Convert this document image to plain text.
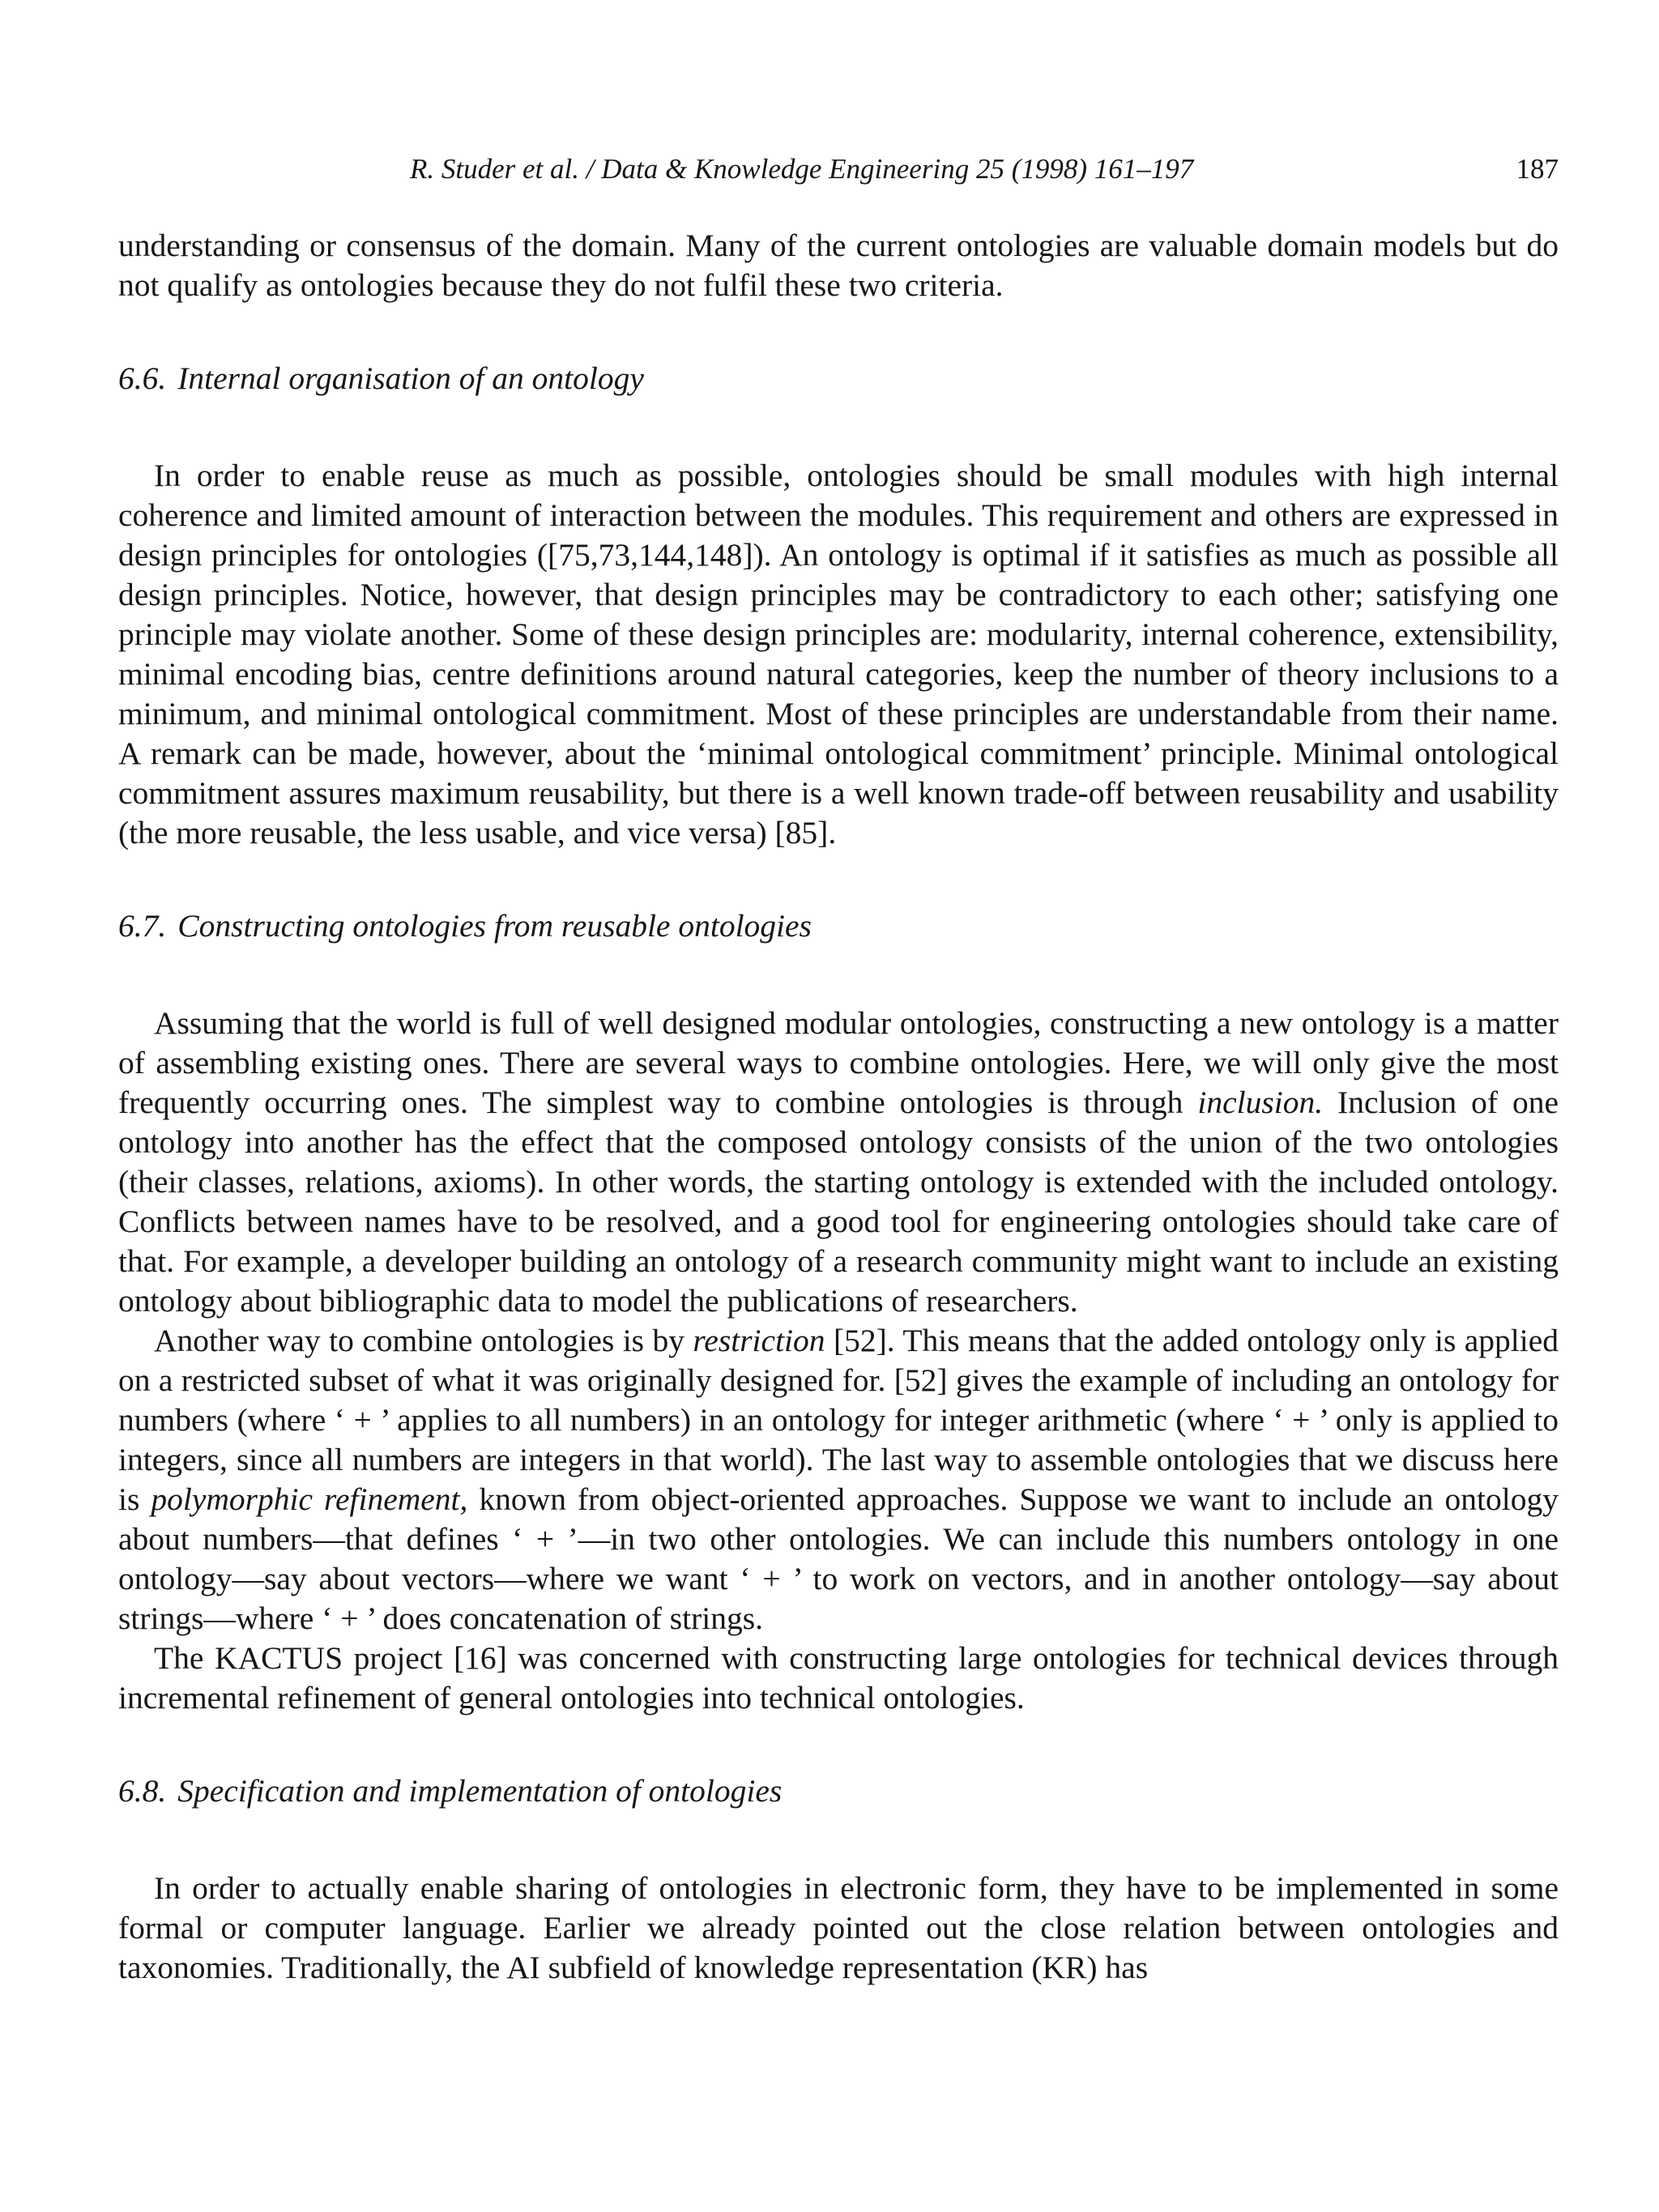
R. Studer et al. / Data & Knowledge Engineering 25 (1998) 161–197	187

understanding or consensus of the domain. Many of the current ontologies are valuable domain models but do not qualify as ontologies because they do not fulfil these two criteria.

6.6. Internal organisation of an ontology

In order to enable reuse as much as possible, ontologies should be small modules with high internal coherence and limited amount of interaction between the modules. This requirement and others are expressed in design principles for ontologies ([75,73,144,148]). An ontology is optimal if it satisfies as much as possible all design principles. Notice, however, that design principles may be contradictory to each other; satisfying one principle may violate another. Some of these design principles are: modularity, internal coherence, extensibility, minimal encoding bias, centre definitions around natural categories, keep the number of theory inclusions to a minimum, and minimal ontological commitment. Most of these principles are understandable from their name. A remark can be made, however, about the ‘minimal ontological commitment’ principle. Minimal ontological commitment assures maximum reusability, but there is a well known trade-off between reusability and usability (the more reusable, the less usable, and vice versa) [85].

6.7. Constructing ontologies from reusable ontologies

Assuming that the world is full of well designed modular ontologies, constructing a new ontology is a matter of assembling existing ones. There are several ways to combine ontologies. Here, we will only give the most frequently occurring ones. The simplest way to combine ontologies is through inclusion. Inclusion of one ontology into another has the effect that the composed ontology consists of the union of the two ontologies (their classes, relations, axioms). In other words, the starting ontology is extended with the included ontology. Conflicts between names have to be resolved, and a good tool for engineering ontologies should take care of that. For example, a developer building an ontology of a research community might want to include an existing ontology about bibliographic data to model the publications of researchers.

Another way to combine ontologies is by restriction [52]. This means that the added ontology only is applied on a restricted subset of what it was originally designed for. [52] gives the example of including an ontology for numbers (where ‘ + ’ applies to all numbers) in an ontology for integer arithmetic (where ‘ + ’ only is applied to integers, since all numbers are integers in that world). The last way to assemble ontologies that we discuss here is polymorphic refinement, known from object-oriented approaches. Suppose we want to include an ontology about numbers—that defines ‘ + ’—in two other ontologies. We can include this numbers ontology in one ontology—say about vectors—where we want ‘ + ’ to work on vectors, and in another ontology—say about strings—where ‘ + ’ does concatenation of strings.

The KACTUS project [16] was concerned with constructing large ontologies for technical devices through incremental refinement of general ontologies into technical ontologies.

6.8. Specification and implementation of ontologies

In order to actually enable sharing of ontologies in electronic form, they have to be implemented in some formal or computer language. Earlier we already pointed out the close relation between ontologies and taxonomies. Traditionally, the AI subfield of knowledge representation (KR) has
